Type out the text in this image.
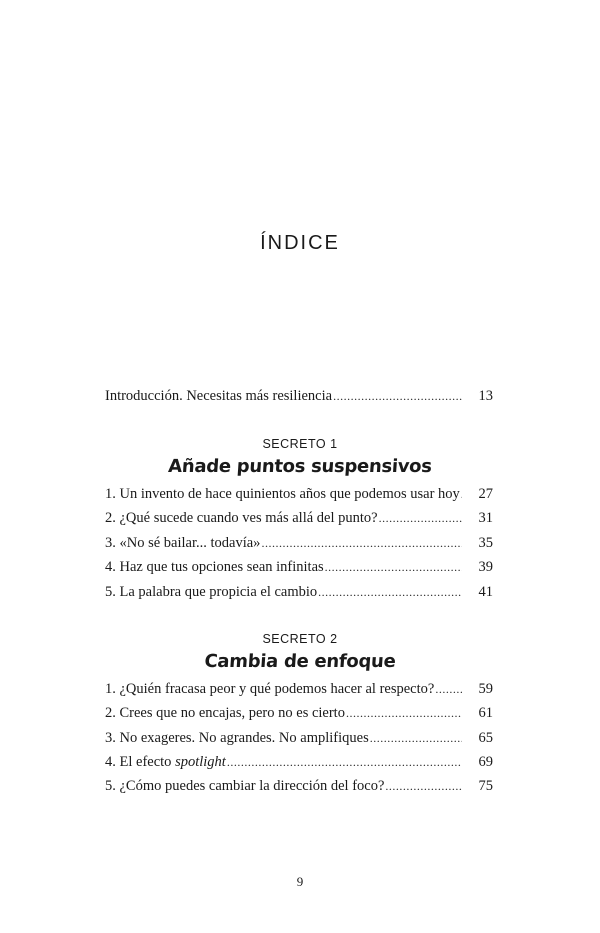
ÍNDICE
Introducción. Necesitas más resiliencia .....	13
SECRETO 1
Añade puntos suspensivos
1. Un invento de hace quinientos años que podemos usar hoy .....	27
2. ¿Qué sucede cuando ves más allá del punto? .....	31
3. «No sé bailar... todavía» .....	35
4. Haz que tus opciones sean infinitas .....	39
5. La palabra que propicia el cambio .....	41
SECRETO 2
Cambia de enfoque
1. ¿Quién fracasa peor y qué podemos hacer al respecto? .....	59
2. Crees que no encajas, pero no es cierto .....	61
3. No exageres. No agrandes. No amplifiques .....	65
4. El efecto spotlight .....	69
5. ¿Cómo puedes cambiar la dirección del foco? .....	75
9
